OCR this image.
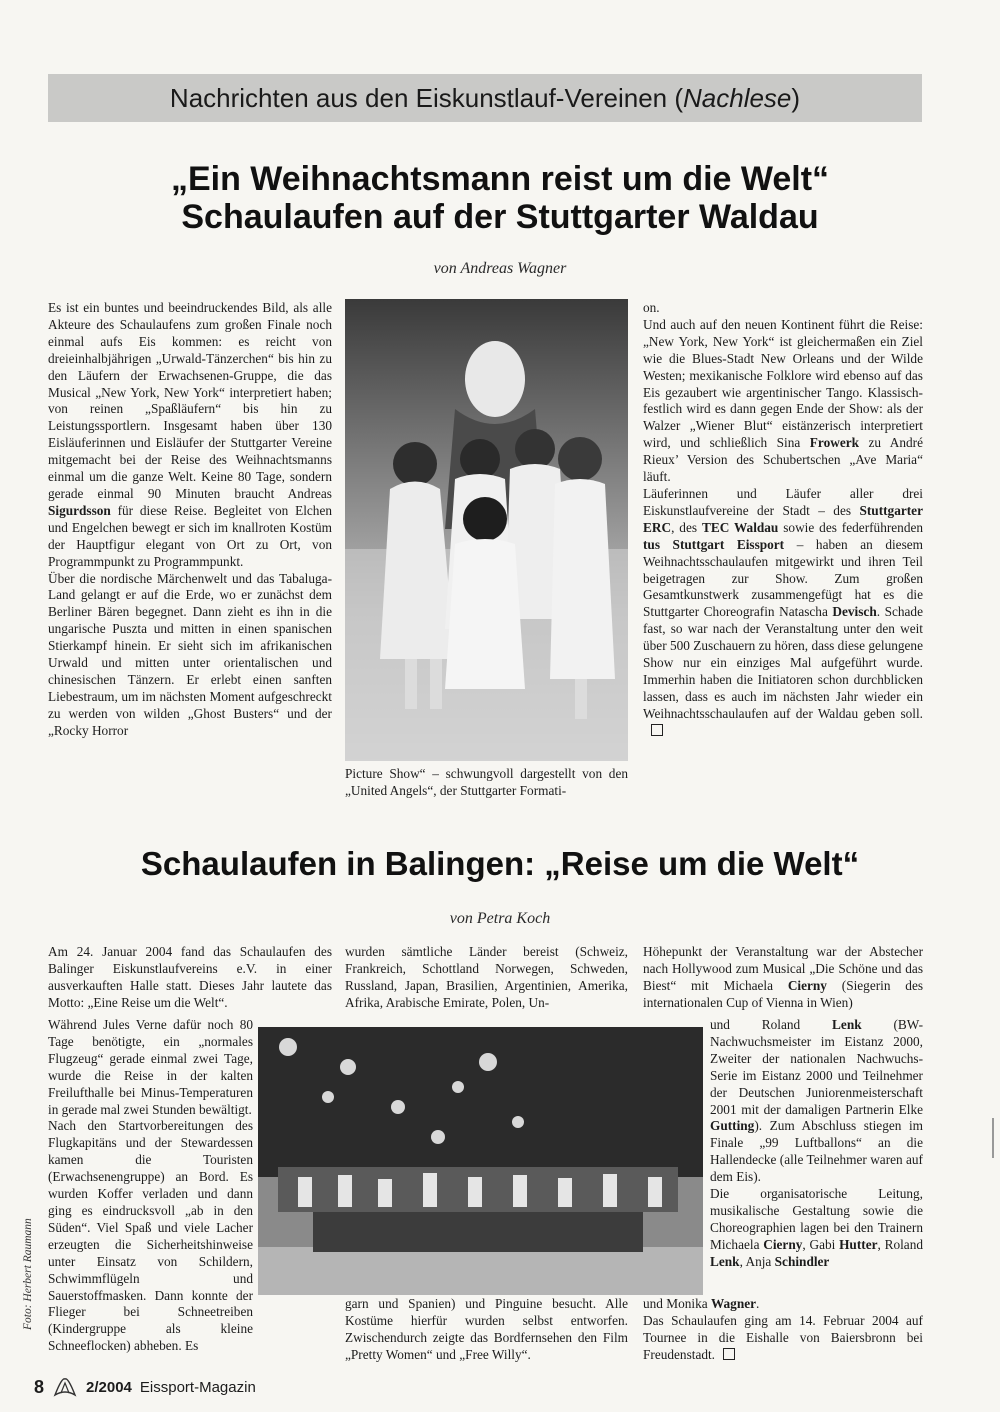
Nachrichten aus den Eiskunstlauf-Vereinen ( Nachlese )
„Ein Weihnachtsmann reist um die Welt“
Schaulaufen auf der Stuttgarter Waldau
von Andreas Wagner

Es ist ein buntes und beeindruckendes Bild, als alle Akteure des Schaulaufens zum großen Finale noch einmal aufs Eis kommen: es reicht von dreieinhalbjährigen „Urwald-Tänzerchen“ bis hin zu den Läufern der Erwachsenen-Gruppe, die das Musical „New York, New York“ interpretiert haben; von reinen „Spaßläufern“ bis hin zu Leistungssportlern. Insgesamt haben über 130 Eisläuferinnen und Eisläufer der Stuttgarter Vereine mitgemacht bei der Reise des Weihnachtsmanns einmal um die ganze Welt. Keine 80 Tage, sondern gerade einmal 90 Minuten braucht Andreas Sigurdsson für diese Reise. Begleitet von Elchen und Engelchen bewegt er sich im knallroten Kostüm der Hauptfigur elegant von Ort zu Ort, von Programmpunkt zu Programmpunkt.

Über die nordische Märchenwelt und das Tabaluga-Land gelangt er auf die Erde, wo er zunächst dem Berliner Bären begegnet. Dann zieht es ihn in die ungarische Puszta und mitten in einen spanischen Stierkampf hinein. Er sieht sich im afrikanischen Urwald und mitten unter orientalischen und chinesischen Tänzern. Er erlebt einen sanften Liebestraum, um im nächsten Moment aufgeschreckt zu werden von wilden „Ghost Busters“ und der „Rocky Horror

Picture Show“ – schwungvoll dargestellt von den „United Angels“, der Stuttgarter Formati-

on.

Und auch auf den neuen Kontinent führt die Reise: „New York, New York“ ist gleichermaßen ein Ziel wie die Blues-Stadt New Orleans und der Wilde Westen; mexikanische Folklore wird ebenso auf das Eis gezaubert wie argentinischer Tango. Klassisch-festlich wird es dann gegen Ende der Show: als der Walzer „Wiener Blut“ eistänzerisch interpretiert wird, und schließlich Sina Frowerk zu André Rieux’ Version des Schubertschen „Ave Maria“ läuft.

Läuferinnen und Läufer aller drei Eiskunstlaufvereine der Stadt – des Stuttgarter ERC, des TEC Waldau sowie des federführenden tus Stuttgart Eissport – haben an diesem Weihnachtsschaulaufen mitgewirkt und ihren Teil beigetragen zur Show. Zum großen Gesamtkunstwerk zusammengefügt hat es die Stuttgarter Choreografin Natascha Devisch. Schade fast, so war nach der Veranstaltung unter den weit über 500 Zuschauern zu hören, dass diese gelungene Show nur ein einziges Mal aufgeführt wurde. Immerhin haben die Initiatoren schon durchblicken lassen, dass es auch im nächsten Jahr wieder ein Weihnachtsschaulaufen auf der Waldau geben soll.

Schaulaufen in Balingen: „Reise um die Welt“
von Petra Koch

Am 24. Januar 2004 fand das Schaulaufen des Balinger Eiskunstlaufvereins e.V. in einer ausverkauften Halle statt. Dieses Jahr lautete das Motto: „Eine Reise um die Welt“.

Während Jules Verne dafür noch 80 Tage benötigte, ein „normales Flugzeug“ gerade einmal zwei Tage, wurde die Reise in der kalten Freilufthalle bei Minus-Temperaturen in gerade mal zwei Stunden bewältigt.

Nach den Startvorbereitungen des Flugkapitäns und der Stewardessen kamen die Touristen (Erwachsenengruppe) an Bord. Es wurden Koffer verladen und dann ging es eindrucksvoll „ab in den Süden“. Viel Spaß und viele Lacher erzeugten die Sicherheitshinweise unter Einsatz von Schildern, Schwimmflügeln und Sauerstoffmasken. Dann konnte der Flieger bei Schneetreiben (Kindergruppe als kleine Schneeflocken) abheben. Es

wurden sämtliche Länder bereist (Schweiz, Frankreich, Schottland Norwegen, Schweden, Russland, Japan, Brasilien, Argentinien, Amerika, Afrika, Arabische Emirate, Polen, Un-

garn und Spanien) und Pinguine besucht. Alle Kostüme hierfür wurden selbst entworfen. Zwischendurch zeigte das Bordfernsehen den Film „Pretty Women“ und „Free Willy“.

Höhepunkt der Veranstaltung war der Abstecher nach Hollywood zum Musical „Die Schöne und das Biest“ mit Michaela Cierny (Siegerin des internationalen Cup of Vienna in Wien)

und Roland Lenk (BW-Nachwuchsmeister im Eistanz 2000, Zweiter der nationalen Nachwuchs-Serie im Eistanz 2000 und Teilnehmer der Deutschen Juniorenmeisterschaft 2001 mit der damaligen Partnerin Elke Gutting). Zum Abschluss stiegen im Finale „99 Luftballons“ an die Hallendecke (alle Teilnehmer waren auf dem Eis).

Die organisatorische Leitung, musikalische Gestaltung sowie die Choreographien lagen bei den Trainern Michaela Cierny, Gabi Hutter, Roland Lenk, Anja Schindler

und Monika Wagner.

Das Schaulaufen ging am 14. Februar 2004 auf Tournee in die Eishalle von Baiersbronn bei Freudenstadt.

Foto: Herbert Raumann
8	2/2004 Eissport-Magazin
